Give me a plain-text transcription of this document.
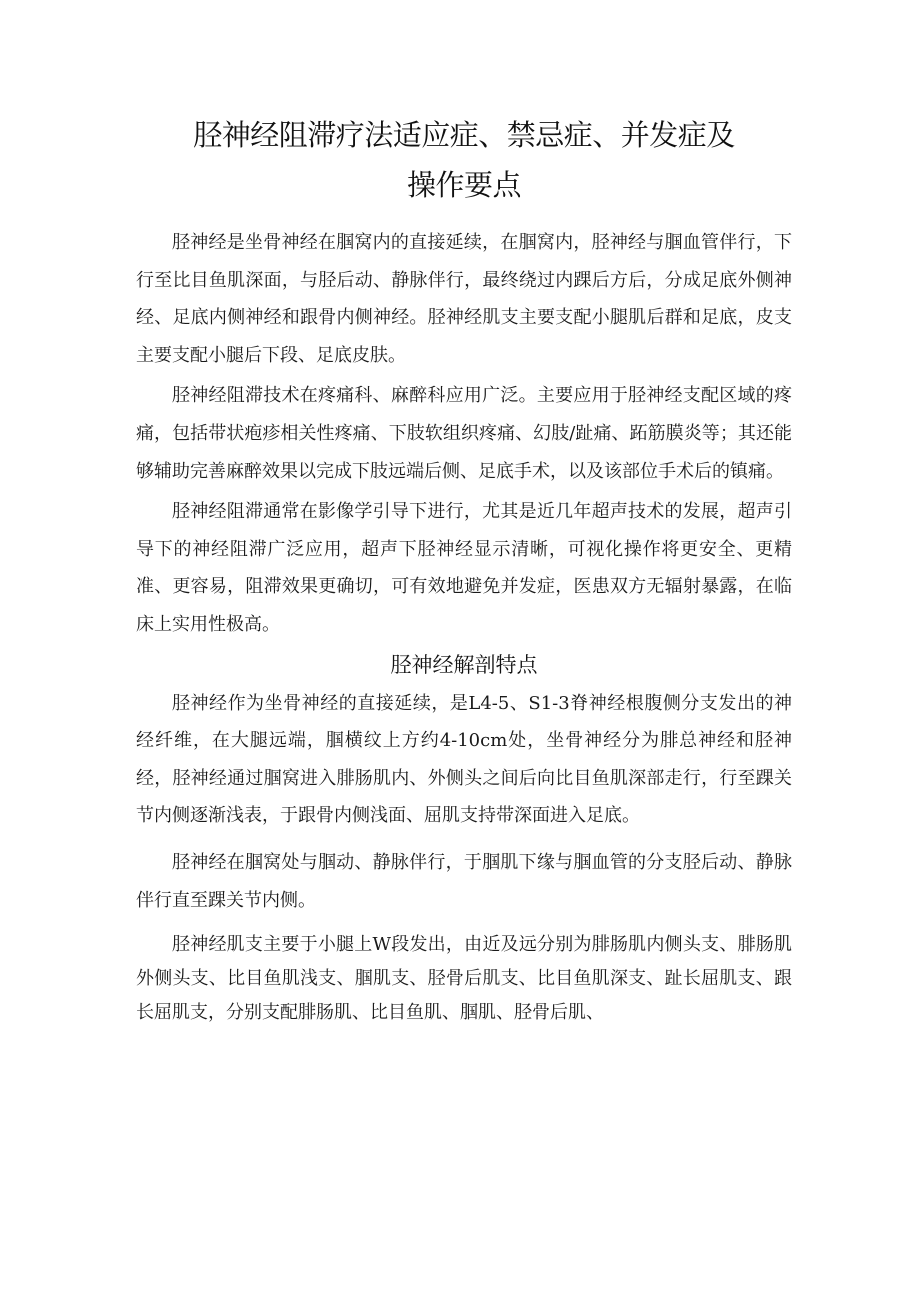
胫神经阻滞疗法适应症、禁忌症、并发症及
操作要点

胫神经是坐骨神经在腘窝内的直接延续，在腘窝内，胫神经与腘血管伴行，下行至比目鱼肌深面，与胫后动、静脉伴行，最终绕过内踝后方后，分成足底外侧神经、足底内侧神经和跟骨内侧神经。胫神经肌支主要支配小腿肌后群和足底，皮支主要支配小腿后下段、足底皮肤。

胫神经阻滞技术在疼痛科、麻醉科应用广泛。主要应用于胫神经支配区域的疼痛，包括带状疱疹相关性疼痛、下肢软组织疼痛、幻肢/趾痛、跖筋膜炎等；其还能够辅助完善麻醉效果以完成下肢远端后侧、足底手术，以及该部位手术后的镇痛。

胫神经阻滞通常在影像学引导下进行，尤其是近几年超声技术的发展，超声引导下的神经阻滞广泛应用，超声下胫神经显示清晰，可视化操作将更安全、更精准、更容易，阻滞效果更确切，可有效地避免并发症，医患双方无辐射暴露，在临床上实用性极高。

胫神经解剖特点

胫神经作为坐骨神经的直接延续，是L4-5、S1-3脊神经根腹侧分支发出的神经纤维，在大腿远端，腘横纹上方约4-10cm处，坐骨神经分为腓总神经和胫神经，胫神经通过腘窝进入腓肠肌内、外侧头之间后向比目鱼肌深部走行，行至踝关节内侧逐渐浅表，于跟骨内侧浅面、屈肌支持带深面进入足底。

胫神经在腘窝处与腘动、静脉伴行，于腘肌下缘与腘血管的分支胫后动、静脉伴行直至踝关节内侧。

胫神经肌支主要于小腿上W段发出，由近及远分别为腓肠肌内侧头支、腓肠肌外侧头支、比目鱼肌浅支、腘肌支、胫骨后肌支、比目鱼肌深支、趾长屈肌支、跟长屈肌支，分别支配腓肠肌、比目鱼肌、腘肌、胫骨后肌、
